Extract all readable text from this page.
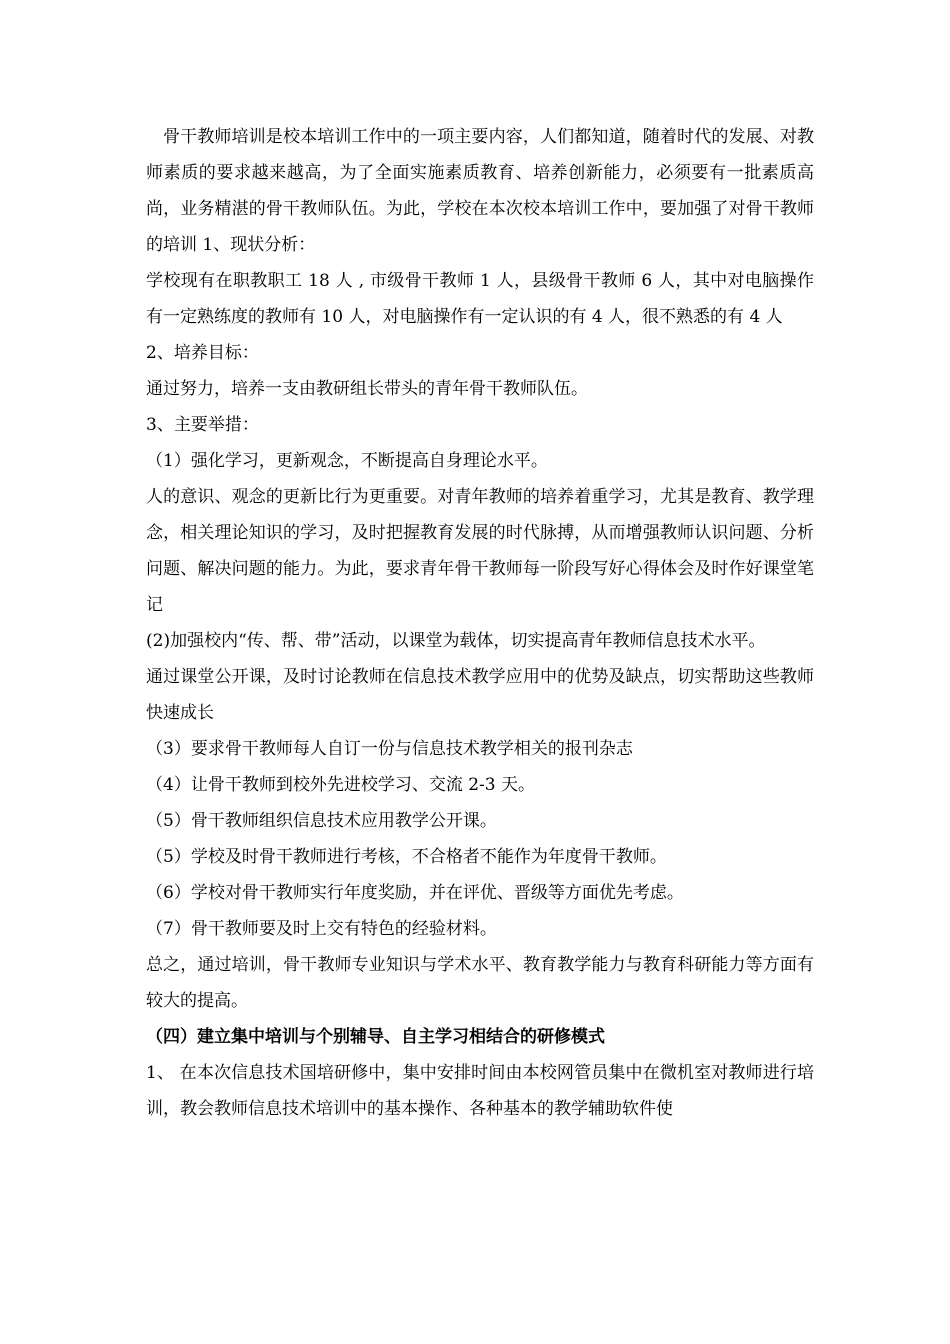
骨干教师培训是校本培训工作中的一项主要内容，人们都知道，随着时代的发展、对教师素质的要求越来越高，为了全面实施素质教育、培养创新能力，必须要有一批素质高尚，业务精湛的骨干教师队伍。为此，学校在本次校本培训工作中，要加强了对骨干教师的培训 1、现状分析：

学校现有在职教职工 18 人 , 市级骨干教师 1 人，县级骨干教师 6 人，其中对电脑操作有一定熟练度的教师有 10 人，对电脑操作有一定认识的有 4 人，很不熟悉的有 4 人

2、培养目标：

通过努力，培养一支由教研组长带头的青年骨干教师队伍。

3、主要举措：

（1）强化学习，更新观念，不断提高自身理论水平。

人的意识、观念的更新比行为更重要。对青年教师的培养着重学习，尤其是教育、教学理念，相关理论知识的学习，及时把握教育发展的时代脉搏，从而增强教师认识问题、分析问题、解决问题的能力。为此，要求青年骨干教师每一阶段写好心得体会及时作好课堂笔记

(2)加强校内“传、帮、带”活动，以课堂为载体，切实提高青年教师信息技术水平。

通过课堂公开课，及时讨论教师在信息技术教学应用中的优势及缺点，切实帮助这些教师快速成长

（3）要求骨干教师每人自订一份与信息技术教学相关的报刊杂志

（4）让骨干教师到校外先进校学习、交流 2-3 天。

（5）骨干教师组织信息技术应用教学公开课。

（5）学校及时骨干教师进行考核，不合格者不能作为年度骨干教师。

（6）学校对骨干教师实行年度奖励，并在评优、晋级等方面优先考虑。

（7）骨干教师要及时上交有特色的经验材料。

总之，通过培训，骨干教师专业知识与学术水平、教育教学能力与教育科研能力等方面有较大的提高。

（四）建立集中培训与个别辅导、自主学习相结合的研修模式

1、 在本次信息技术国培研修中，集中安排时间由本校网管员集中在微机室对教师进行培训，教会教师信息技术培训中的基本操作、各种基本的教学辅助软件使
